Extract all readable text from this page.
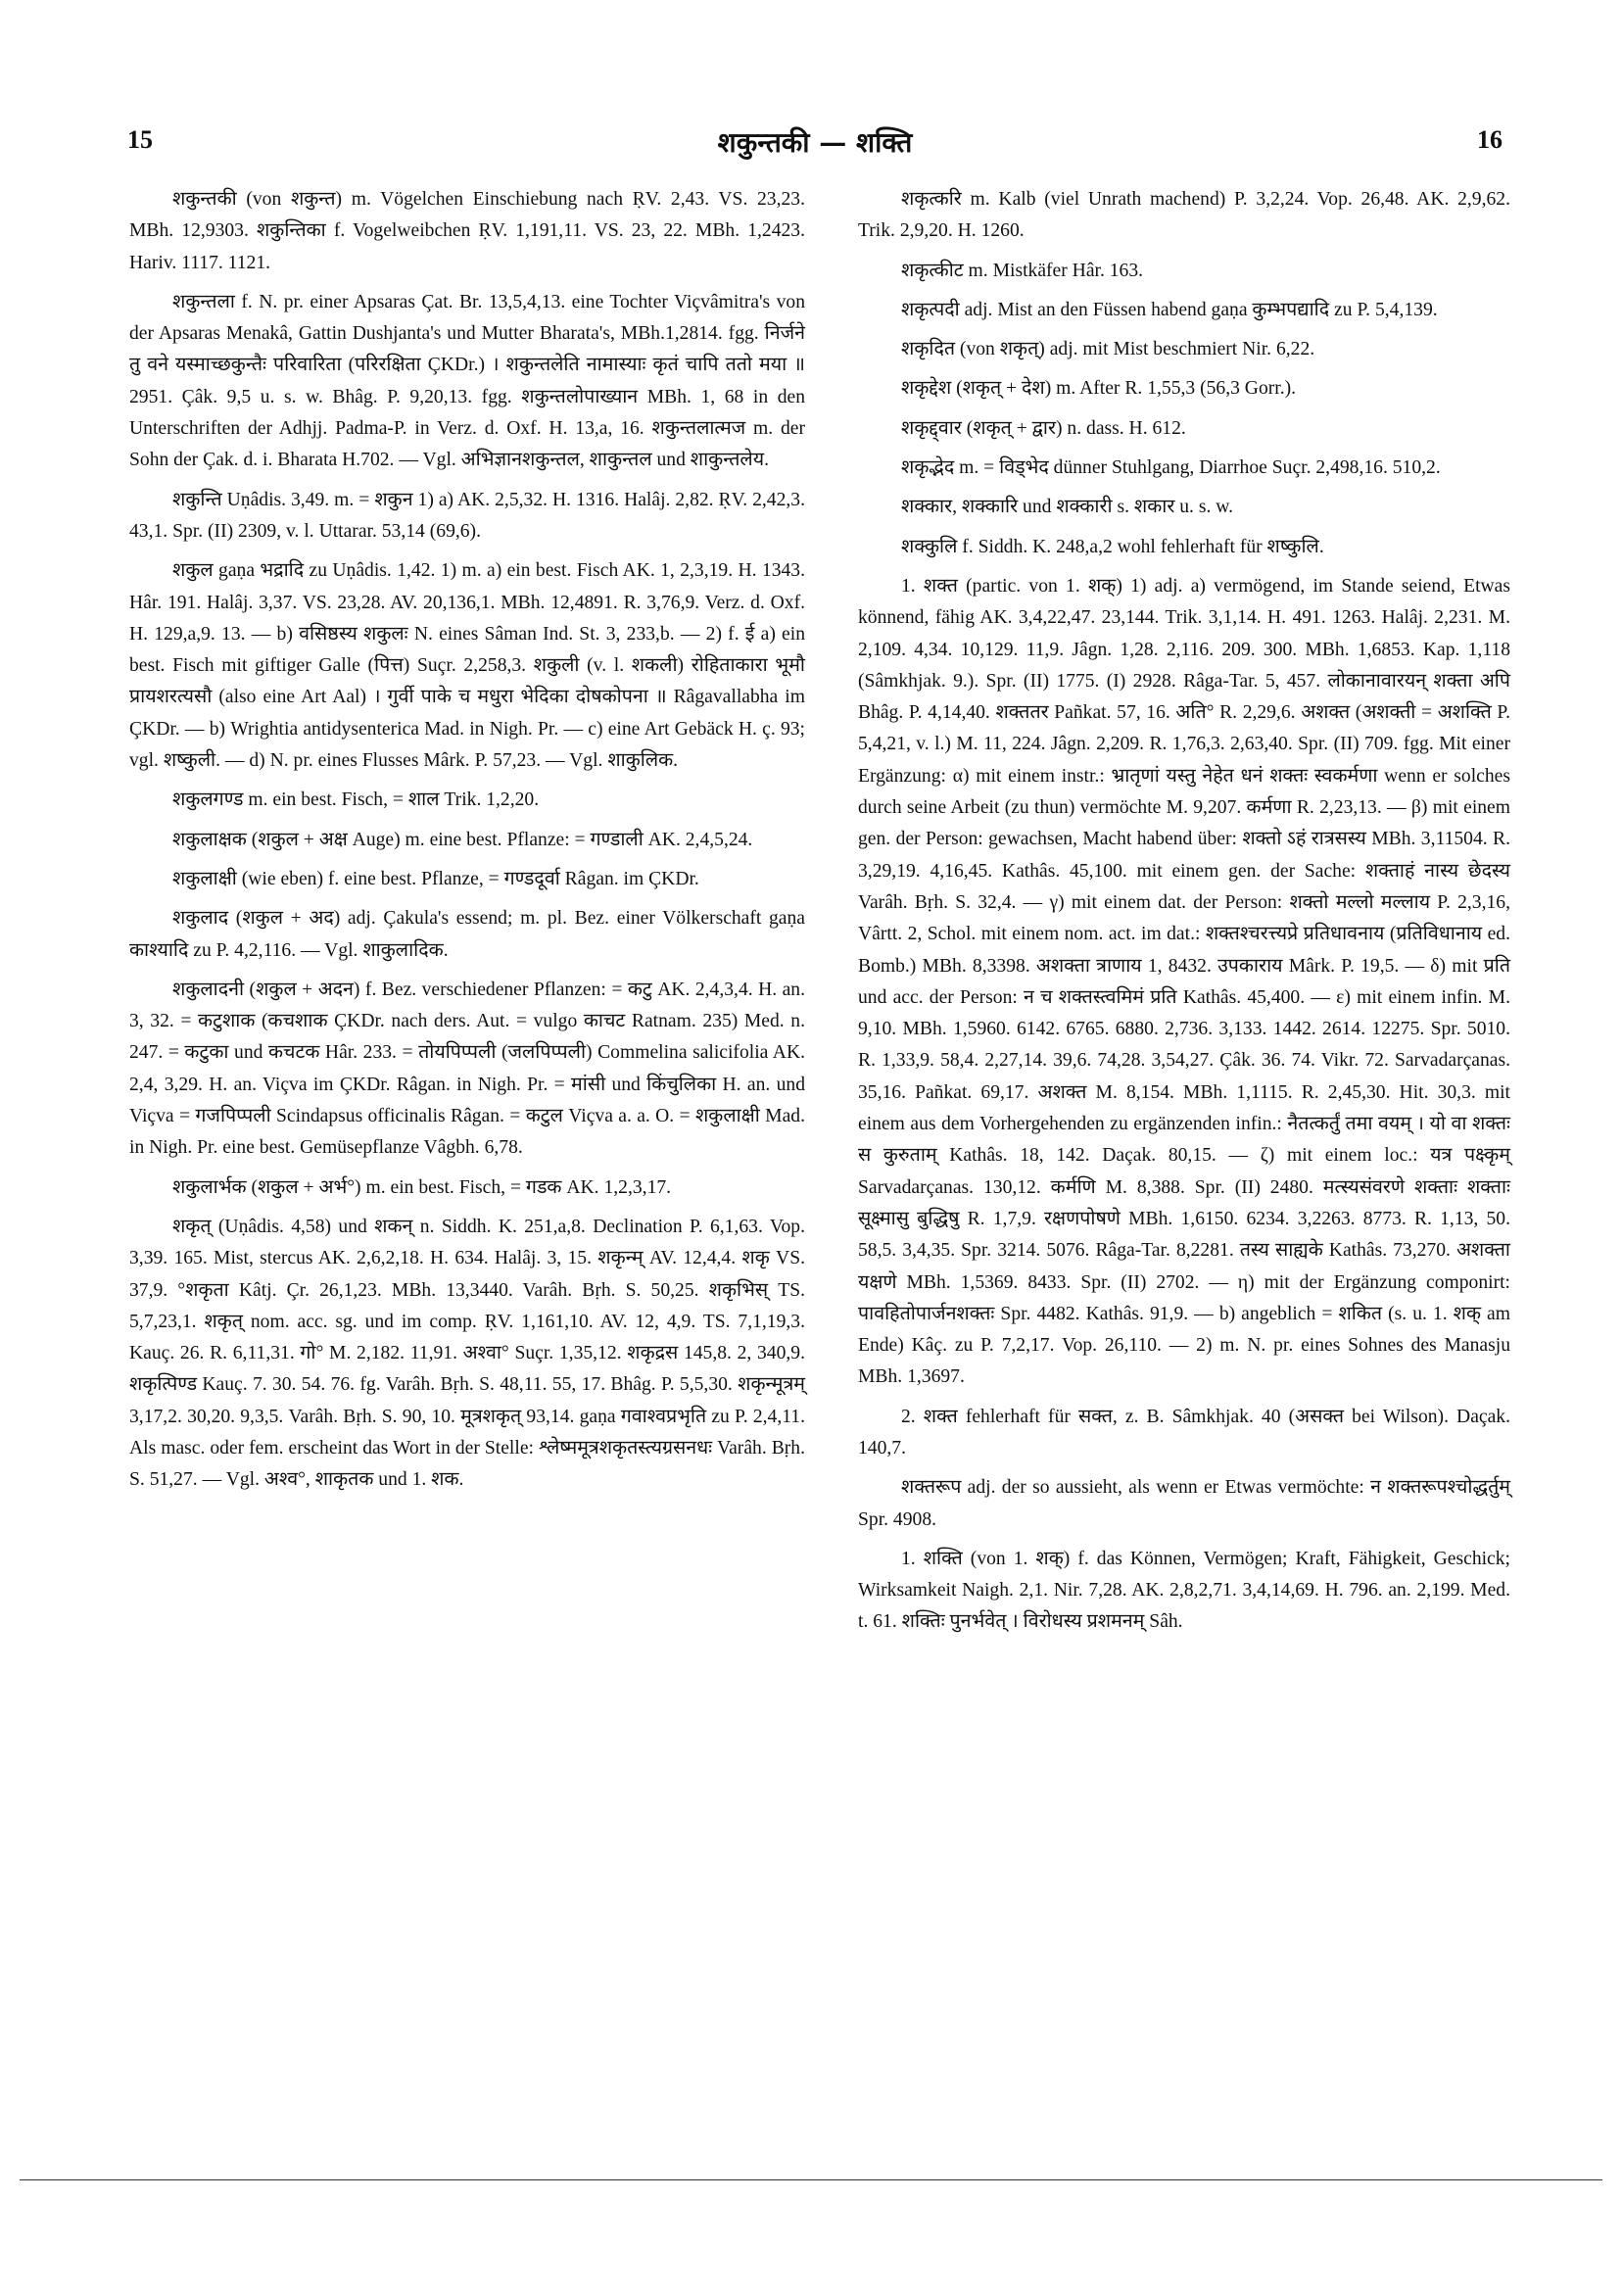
15	शकुन्तकी — शक्ति	16

शकुन्तकी (von शकुन्त) m. Vögelchen Einschiebung nach ṚV. 2,43. VS. 23,23. MBh. 12,9303. शकुन्तिका f. Vogelweibchen ṚV. 1,191,11. VS. 23, 22. MBh. 1,2423. Hariv. 1117. 1121.

शकुन्तला f. N. pr. einer Apsaras Çat. Br. 13,5,4,13. eine Tochter Viçvâmitra's von der Apsaras Menakâ, Gattin Dushjanta's und Mutter Bharata's, MBh.1,2814. fgg. निर्जने तु वने यस्माच्छकुन्तैः परिवारिता (परिरक्षिता ÇKDr.) । शकुन्तलेति नामास्याः कृतं चापि ततो मया ॥ 2951. Çâk. 9,5 u. s. w. Bhâg. P. 9,20,13. fgg. शकुन्तलोपाख्यान MBh. 1, 68 in den Unterschriften der Adhjj. Padma-P. in Verz. d. Oxf. H. 13,a, 16. शकुन्तलात्मज m. der Sohn der Çak. d. i. Bharata H.702. — Vgl. अभिज्ञानशकुन्तल, शाकुन्तल und शाकुन्तलेय.

शकुन्ति Uṇâdis. 3,49. m. = शकुन 1) a) AK. 2,5,32. H. 1316. Halâj. 2,82. ṚV. 2,42,3. 43,1. Spr. (II) 2309, v. l. Uttarar. 53,14 (69,6).

शकुल gaṇa भद्रादि zu Uṇâdis. 1,42. 1) m. a) ein best. Fisch AK. 1, 2,3,19. H. 1343. Hâr. 191. Halâj. 3,37. VS. 23,28. AV. 20,136,1. MBh. 12,4891. R. 3,76,9. Verz. d. Oxf. H. 129,a,9. 13. — b) वसिष्ठस्य शकुलः N. eines Sâman Ind. St. 3, 233,b. — 2) f. ई a) ein best. Fisch mit giftiger Galle (पित्त) Suçr. 2,258,3. शकुली (v. l. शकली) रोहिताकारा भूमौ प्रायशरत्यसौ (also eine Art Aal) । गुर्वी पाके च मधुरा भेदिका दोषकोपना ॥ Râgavallabha im ÇKDr. — b) Wrightia antidysenterica Mad. in Nigh. Pr. — c) eine Art Gebäck H. ç. 93; vgl. शष्कुली. — d) N. pr. eines Flusses Mârk. P. 57,23. — Vgl. शाकुलिक.

शकुलगण्ड m. ein best. Fisch, = शाल Trik. 1,2,20.

शकुलाक्षक (शकुल + अक्ष Auge) m. eine best. Pflanze: = गण्डाली AK. 2,4,5,24.

शकुलाक्षी (wie eben) f. eine best. Pflanze, = गण्डदूर्वा Râgan. im ÇKDr.

शकुलाद (शकुल + अद) adj. Çakula's essend; m. pl. Bez. einer Völkerschaft gaṇa काश्यादि zu P. 4,2,116. — Vgl. शाकुलादिक.

शकुलादनी (शकुल + अदन) f. Bez. verschiedener Pflanzen: = कटु AK. 2,4,3,4. H. an. 3, 32. = कटुशाक (कचशाक ÇKDr. nach ders. Aut. = vulgo काचट Ratnam. 235) Med. n. 247. = कटुका und कचटक Hâr. 233. = तोयपिप्पली (जलपिप्पली) Commelina salicifolia AK. 2,4, 3,29. H. an. Viçva im ÇKDr. Râgan. in Nigh. Pr. = मांसी und किंचुलिका H. an. und Viçva = गजपिप्पली Scindapsus officinalis Râgan. = कटुल Viçva a. a. O. = शकुलाक्षी Mad. in Nigh. Pr. eine best. Gemüsepflanze Vâgbh. 6,78.

शकुलार्भक (शकुल + अर्भ°) m. ein best. Fisch, = गडक AK. 1,2,3,17.

शकृत् (Uṇâdis. 4,58) und शकन् n. Siddh. K. 251,a,8. Declination P. 6,1,63. Vop. 3,39. 165. Mist, stercus AK. 2,6,2,18. H. 634. Halâj. 3, 15. शकृन्म् AV. 12,4,4. शकृ VS. 37,9. °शकृता Kâtj. Çr. 26,1,23. MBh. 13,3440. Varâh. Bṛh. S. 50,25. शकृभिस् TS. 5,7,23,1. शकृत् nom. acc. sg. und im comp. ṚV. 1,161,10. AV. 12, 4,9. TS. 7,1,19,3. Kauç. 26. R. 6,11,31. गो° M. 2,182. 11,91. अश्वा° Suçr. 1,35,12. शकृद्रस 145,8. 2, 340,9. शकृत्पिण्ड Kauç. 7. 30. 54. 76. fg. Varâh. Bṛh. S. 48,11. 55, 17. Bhâg. P. 5,5,30. शकृन्मूत्रम् 3,17,2. 30,20. 9,3,5. Varâh. Bṛh. S. 90, 10. मूत्रशकृत् 93,14. gaṇa गवाश्वप्रभृति zu P. 2,4,11. Als masc. oder fem. erscheint das Wort in der Stelle: श्लेष्ममूत्रशकृतस्त्यग्रसनधः Varâh. Bṛh. S. 51,27. — Vgl. अश्व°, शाकृतक und 1. शक.

शकृत्करि m. Kalb (viel Unrath machend) P. 3,2,24. Vop. 26,48. AK. 2,9,62. Trik. 2,9,20. H. 1260.

शकृत्कीट m. Mistkäfer Hâr. 163.

शकृत्पदी adj. Mist an den Füssen habend gaṇa कुम्भपद्यादि zu P. 5,4,139.

शकृदित (von शकृत्) adj. mit Mist beschmiert Nir. 6,22.

शकृद्देश (शकृत् + देश) m. After R. 1,55,3 (56,3 Gorr.).

शकृद्द्वार (शकृत् + द्वार) n. dass. H. 612.

शकृद्भेद m. = विड्भेद dünner Stuhlgang, Diarrhoe Suçr. 2,498,16. 510,2.

शक्कार, शक्कारि und शक्कारी s. शकार u. s. w.

शक्कुलि f. Siddh. K. 248,a,2 wohl fehlerhaft für शष्कुलि.

1. शक्त (partic. von 1. शक्) 1) adj. a) vermögend, im Stande seiend, Etwas könnend, fähig AK. 3,4,22,47. 23,144. Trik. 3,1,14. H. 491. 1263. Halâj. 2,231. M. 2,109. 4,34. 10,129. 11,9. Jâgn. 1,28. 2,116. 209. 300. MBh. 1,6853. Kap. 1,118 (Sâmkhjak. 9.). Spr. (II) 1775. (I) 2928. Râga-Tar. 5, 457. लोकानावारयन् शक्ता अपि Bhâg. P. 4,14,40. शक्ततर Pañkat. 57, 16. अति° R. 2,29,6. अशक्त (अशक्ती = अशक्ति P. 5,4,21, v. l.) M. 11, 224. Jâgn. 2,209. R. 1,76,3. 2,63,40. Spr. (II) 709. fgg. Mit einer Ergänzung: α) mit einem instr.: भ्रातृणां यस्तु नेहेत धनं शक्तः स्वकर्मणा wenn er solches durch seine Arbeit (zu thun) vermöchte M. 9,207. कर्मणा R. 2,23,13. — β) mit einem gen. der Person: gewachsen, Macht habend über: शक्तो ऽहं रात्रसस्य MBh. 3,11504. R. 3,29,19. 4,16,45. Kathâs. 45,100. mit einem gen. der Sache: शक्ताहं नास्य छेदस्य Varâh. Bṛh. S. 32,4. — γ) mit einem dat. der Person: शक्तो मल्लो मल्लाय P. 2,3,16, Vârtt. 2, Schol. mit einem nom. act. im dat.: शक्तश्चरत्त्यप्रे प्रतिधावनाय (प्रतिविधानाय ed. Bomb.) MBh. 8,3398. अशक्ता त्राणाय 1, 8432. उपकाराय Mârk. P. 19,5. — δ) mit प्रति und acc. der Person: न च शक्तस्त्वमिमं प्रति Kathâs. 45,400. — ε) mit einem infin. M. 9,10. MBh. 1,5960. 6142. 6765. 6880. 2,736. 3,133. 1442. 2614. 12275. Spr. 5010. R. 1,33,9. 58,4. 2,27,14. 39,6. 74,28. 3,54,27. Çâk. 36. 74. Vikr. 72. Sarvadarçanas. 35,16. Pañkat. 69,17. अशक्त M. 8,154. MBh. 1,1115. R. 2,45,30. Hit. 30,3. mit einem aus dem Vorhergehenden zu ergänzenden infin.: नैतत्कर्तुं तमा वयम् । यो वा शक्तः स कुरुताम् Kathâs. 18, 142. Daçak. 80,15. — ζ) mit einem loc.: यत्र पक्ष्कृम् Sarvadarçanas. 130,12. कर्मणि M. 8,388. Spr. (II) 2480. मत्स्यसंवरणे शक्ताः शक्ताः सूक्ष्मासु बुद्धिषु R. 1,7,9. रक्षणपोषणे MBh. 1,6150. 6234. 3,2263. 8773. R. 1,13, 50. 58,5. 3,4,35. Spr. 3214. 5076. Râga-Tar. 8,2281. तस्य साह्यके Kathâs. 73,270. अशक्ता यक्षणे MBh. 1,5369. 8433. Spr. (II) 2702. — η) mit der Ergänzung componirt: पावहितोपार्जनशक्तः Spr. 4482. Kathâs. 91,9. — b) angeblich = शकित (s. u. 1. शक् am Ende) Kâç. zu P. 7,2,17. Vop. 26,110. — 2) m. N. pr. eines Sohnes des Manasju MBh. 1,3697.

2. शक्त fehlerhaft für सक्त, z. B. Sâmkhjak. 40 (असक्त bei Wilson). Daçak. 140,7.

शक्तरूप adj. der so aussieht, als wenn er Etwas vermöchte: न शक्तरूपश्चोद्धर्तुम् Spr. 4908.

1. शक्ति (von 1. शक्) f. das Können, Vermögen; Kraft, Fähigkeit, Geschick; Wirksamkeit Naigh. 2,1. Nir. 7,28. AK. 2,8,2,71. 3,4,14,69. H. 796. an. 2,199. Med. t. 61. शक्तिः पुनर्भवेत् । विरोधस्य प्रशमनम् Sâh.
